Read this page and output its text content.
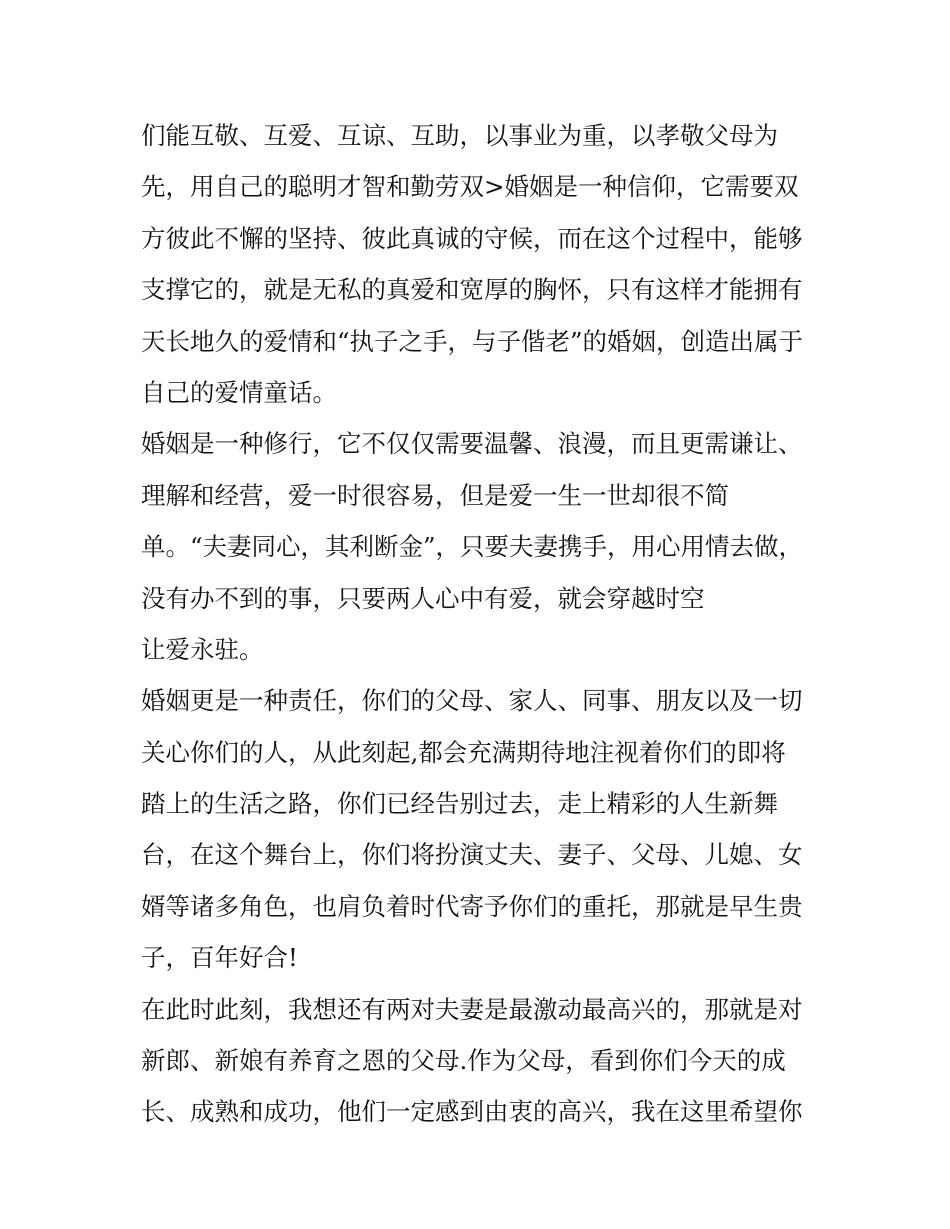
们能互敬、互爱、互谅、互助，以事业为重，以孝敬父母为
先，用自己的聪明才智和勤劳双>婚姻是一种信仰，它需要双
方彼此不懈的坚持、彼此真诚的守候，而在这个过程中，能够
支撑它的，就是无私的真爱和宽厚的胸怀，只有这样才能拥有
天长地久的爱情和“执子之手，与子偕老”的婚姻，创造出属于
自己的爱情童话。
婚姻是一种修行，它不仅仅需要温馨、浪漫，而且更需谦让、
理解和经营，爱一时很容易，但是爱一生一世却很不简
单。“夫妻同心，其利断金”，只要夫妻携手，用心用情去做，
没有办不到的事，只要两人心中有爱，就会穿越时空
让爱永驻。
婚姻更是一种责任，你们的父母、家人、同事、朋友以及一切
关心你们的人，从此刻起,都会充满期待地注视着你们的即将
踏上的生活之路，你们已经告别过去，走上精彩的人生新舞
台，在这个舞台上，你们将扮演丈夫、妻子、父母、儿媳、女
婿等诸多角色，也肩负着时代寄予你们的重托，那就是早生贵
子，百年好合!
在此时此刻，我想还有两对夫妻是最激动最高兴的，那就是对
新郎、新娘有养育之恩的父母.作为父母，看到你们今天的成
长、成熟和成功，他们一定感到由衷的高兴，我在这里希望你
